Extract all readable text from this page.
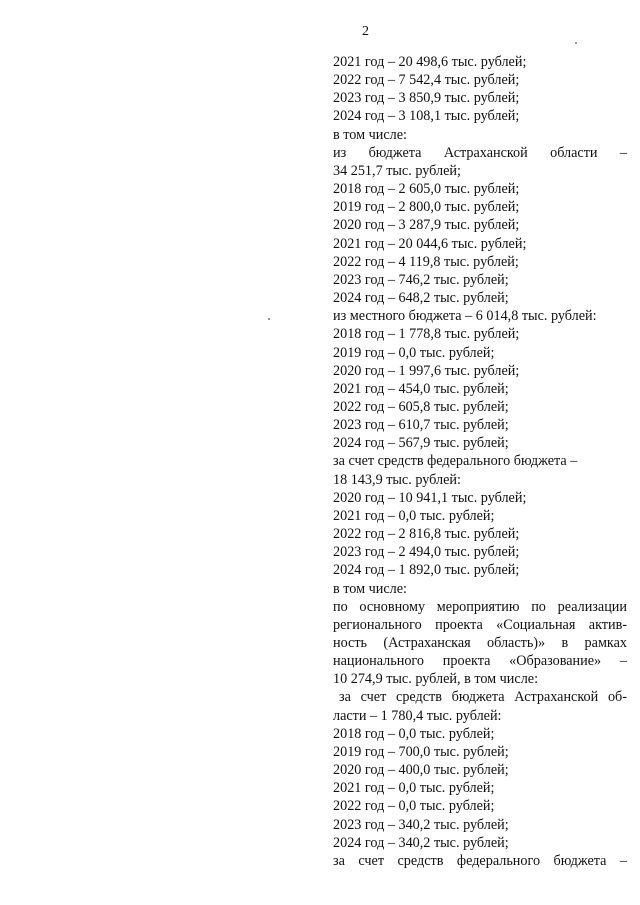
2
2021 год – 20 498,6 тыс. рублей;
2022 год – 7 542,4 тыс. рублей;
2023 год – 3 850,9 тыс. рублей;
2024 год – 3 108,1 тыс. рублей;
в том числе:
из бюджета Астраханской области –
34 251,7 тыс. рублей;
2018 год – 2 605,0 тыс. рублей;
2019 год – 2 800,0 тыс. рублей;
2020 год – 3 287,9 тыс. рублей;
2021 год – 20 044,6 тыс. рублей;
2022 год – 4 119,8 тыс. рублей;
2023 год – 746,2 тыс. рублей;
2024 год – 648,2 тыс. рублей;
из местного бюджета – 6 014,8 тыс. рублей:
2018 год – 1 778,8 тыс. рублей;
2019 год – 0,0 тыс. рублей;
2020 год – 1 997,6 тыс. рублей;
2021 год – 454,0 тыс. рублей;
2022 год – 605,8 тыс. рублей;
2023 год – 610,7 тыс. рублей;
2024 год – 567,9 тыс. рублей;
за счет средств федерального бюджета –
18 143,9 тыс. рублей:
2020 год – 10 941,1 тыс. рублей;
2021 год – 0,0 тыс. рублей;
2022 год – 2 816,8 тыс. рублей;
2023 год – 2 494,0 тыс. рублей;
2024 год – 1 892,0 тыс. рублей;
в том числе:
по основному мероприятию по реализации
регионального проекта «Социальная актив-
ность (Астраханская область)» в рамках
национального проекта «Образование» –
10 274,9 тыс. рублей, в том числе:
за счет средств бюджета Астраханской об-
ласти – 1 780,4 тыс. рублей:
2018 год – 0,0 тыс. рублей;
2019 год – 700,0 тыс. рублей;
2020 год – 400,0 тыс. рублей;
2021 год – 0,0 тыс. рублей;
2022 год – 0,0 тыс. рублей;
2023 год – 340,2 тыс. рублей;
2024 год – 340,2 тыс. рублей;
за счет средств федерального бюджета –
